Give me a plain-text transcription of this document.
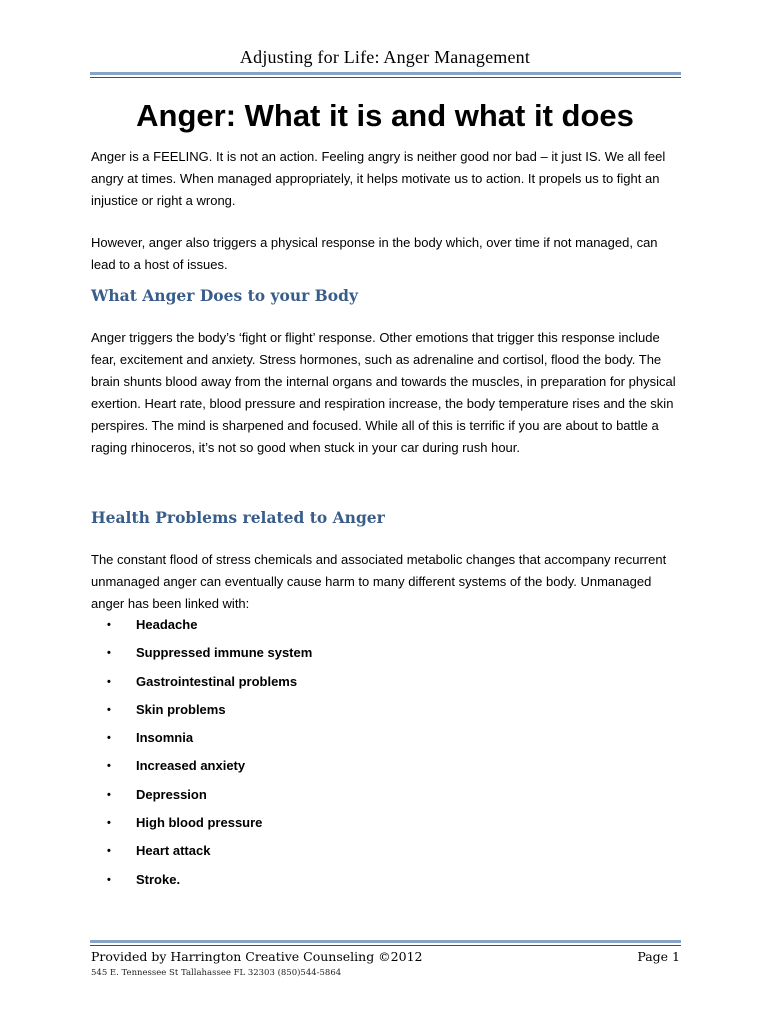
Adjusting for Life: Anger Management
Anger: What it is and what it does

Anger is a FEELING. It is not an action. Feeling angry is neither good nor bad – it just IS. We all feel angry at times. When managed appropriately, it helps motivate us to action. It propels us to fight an injustice or right a wrong.

However, anger also triggers a physical response in the body which, over time if not managed, can lead to a host of issues.

What Anger Does to your Body

Anger triggers the body’s ‘fight or flight’ response. Other emotions that trigger this response include fear, excitement and anxiety. Stress hormones, such as adrenaline and cortisol, flood the body. The brain shunts blood away from the internal organs and towards the muscles, in preparation for physical exertion. Heart rate, blood pressure and respiration increase, the body temperature rises and the skin perspires. The mind is sharpened and focused. While all of this is terrific if you are about to battle a raging rhinoceros, it’s not so good when stuck in your car during rush hour.

Health Problems related to Anger

The constant flood of stress chemicals and associated metabolic changes that accompany recurrent unmanaged anger can eventually cause harm to many different systems of the body. Unmanaged anger has been linked with:

•	Headache
•	Suppressed immune system
•	Gastrointestinal problems
•	Skin problems
•	Insomnia
•	Increased anxiety
•	Depression
•	High blood pressure
•	Heart attack
•	Stroke.
Provided by Harrington Creative Counseling ©2012	Page 1
545 E. Tennessee St Tallahassee FL 32303 (850)544-5864
